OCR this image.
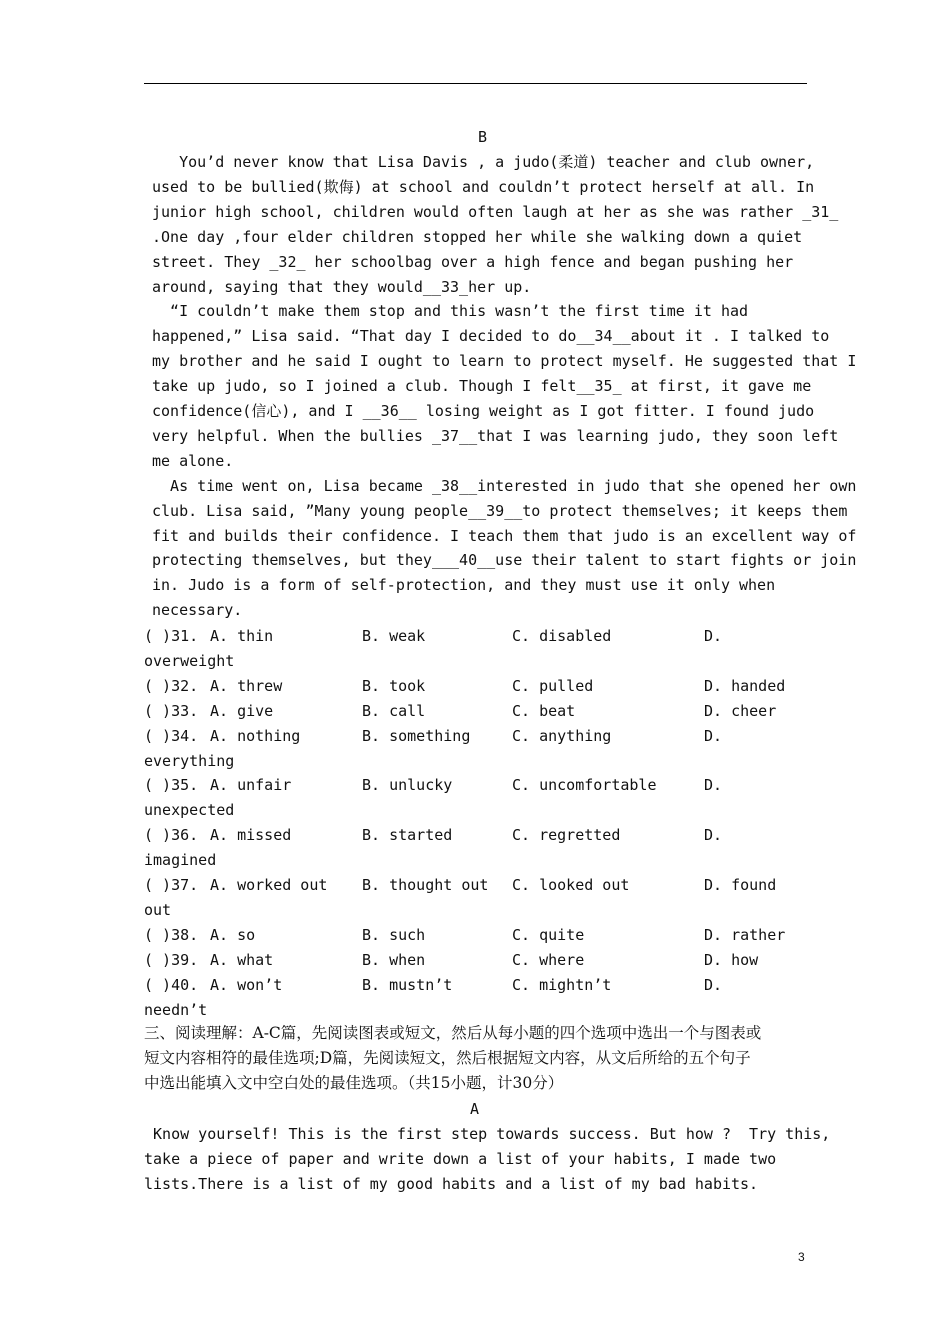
B
You’d never know that Lisa Davis , a judo(柔道) teacher and club owner,
used to be bullied(欺侮) at school and couldn’t protect herself at all. In
junior high school, children would often laugh at her as she was rather _31_
.One day ,four elder children stopped her while she walking down a quiet
street. They _32_ her schoolbag over a high fence and began pushing her
around, saying that they would__33_her up.
“I couldn’t make them stop and this wasn’t the first time it had
happened,” Lisa said. “That day I decided to do__34__about it . I talked to
my brother and he said I ought to learn to protect myself. He suggested that I
take up judo, so I joined a club. Though I felt__35_ at first, it gave me
confidence(信心), and I __36__ losing weight as I got fitter. I found judo
very helpful. When the bullies _37__that I was learning judo, they soon left
me alone.
As time went on, Lisa became _38__interested in judo that she opened her own
club. Lisa said, ”Many young people__39__to protect themselves; it keeps them
fit and builds their confidence. I teach them that judo is an excellent way of
protecting themselves, but they___40__use their talent to start fights or join
in. Judo is a form of self-protection, and they must use it only when
necessary.
( )31. A. thin	B. weak	C. disabled	D.
overweight
( )32. A. threw	B. took	C. pulled	D. handed
( )33. A. give	B. call	C. beat	D. cheer
( )34. A. nothing	B. something	C. anything	D.
everything
( )35. A. unfair	B. unlucky	C. uncomfortable	D.
unexpected
( )36. A. missed	B. started	C. regretted	D.
imagined
( )37. A. worked out B. thought out C. looked out	D. found
out
( )38. A. so	B. such	C. quite	D. rather
( )39. A. what	B. when	C. where	D. how
( )40. A. won’t	B. mustn’t	C. mightn’t	D.
needn’t
三、阅读理解：A-C篇，先阅读图表或短文，然后从每小题的四个选项中选出一个与图表或
短文内容相符的最佳选项;D篇，先阅读短文，然后根据短文内容，从文后所给的五个句子
中选出能填入文中空白处的最佳选项。（共15小题，计30分）
A
Know yourself! This is the first step towards success. But how ?  Try this,
take a piece of paper and write down a list of your habits, I made two
lists.There is a list of my good habits and a list of my bad habits.
3
